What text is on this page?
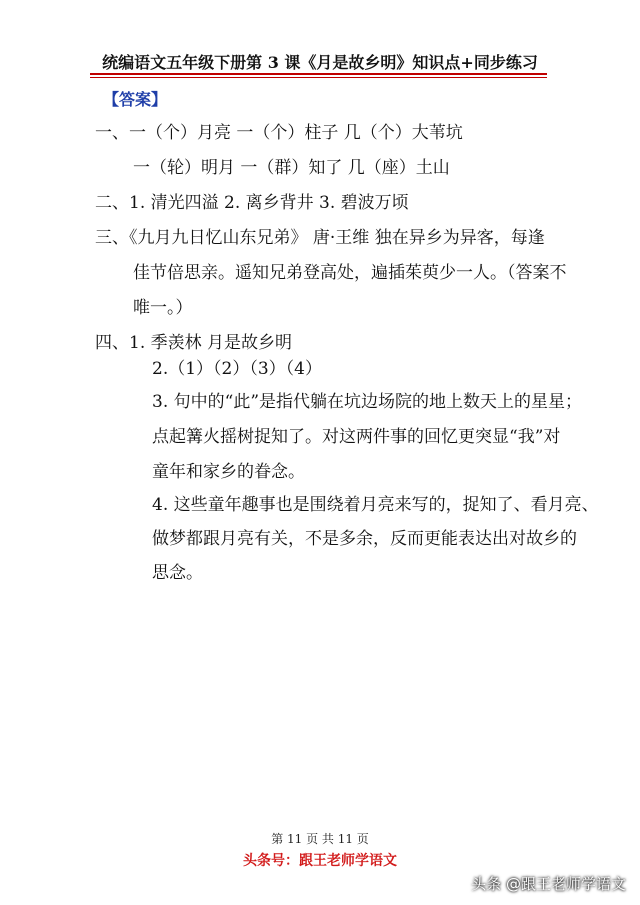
统编语文五年级下册第 3 课《月是故乡明》知识点+同步练习
【答案】
一、一（个）月亮 一（个）柱子 几（个）大苇坑
一（轮）明月 一（群）知了 几（座）土山
二、1. 清光四溢 2. 离乡背井 3. 碧波万顷
三、《九月九日忆山东兄弟》 唐·王维 独在异乡为异客，每逢
佳节倍思亲。遥知兄弟登高处，遍插茱萸少一人。（答案不
唯一。）
四、1. 季羡林 月是故乡明
2.（1）（2）（3）（4）
3. 句中的“此”是指代躺在坑边场院的地上数天上的星星；
点起篝火摇树捉知了。对这两件事的回忆更突显“我”对
童年和家乡的眷念。
4. 这些童年趣事也是围绕着月亮来写的，捉知了、看月亮、
做梦都跟月亮有关，不是多余，反而更能表达出对故乡的
思念。
第 11 页 共 11 页
头条号：跟王老师学语文
头条 @跟王老师学语文
